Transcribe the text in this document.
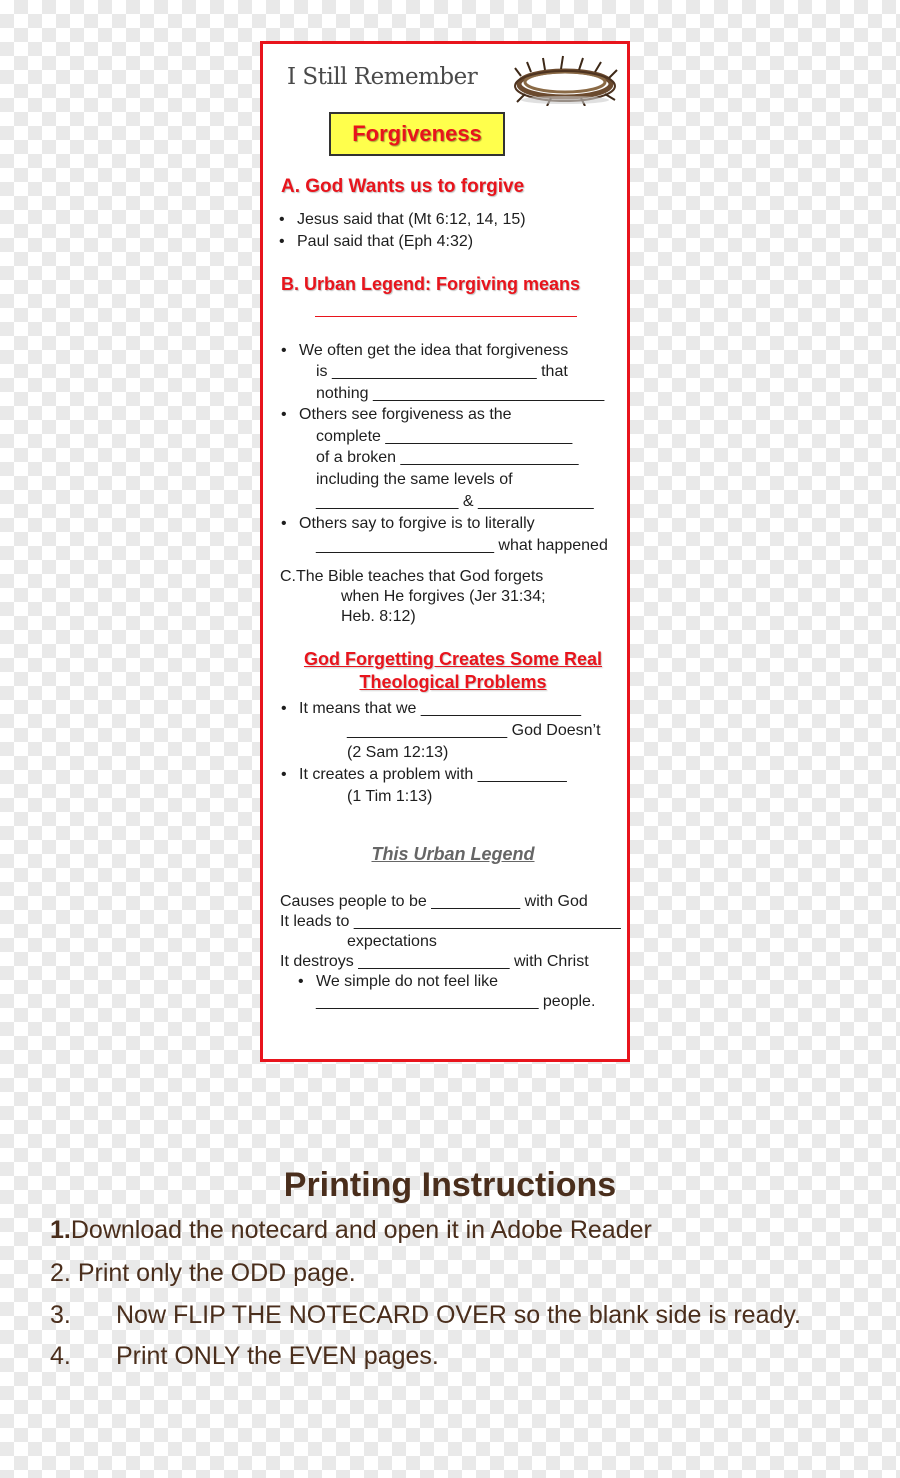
I Still Remember
Forgiveness
A. God Wants us to forgive
• Jesus said that (Mt 6:12, 14, 15)
• Paul said that (Eph 4:32)
B. Urban Legend: Forgiving means
• We often get the idea that forgiveness
is _______________________ that
nothing __________________________
• Others see forgiveness as the
complete _____________________
of a broken ____________________
including the same levels of
________________ & _____________
• Others say to forgive is to literally
____________________ what happened
C.The Bible teaches that God forgets
when He forgives (Jer 31:34;
Heb. 8:12)
God Forgetting Creates Some Real
Theological Problems
• It means that we __________________
__________________ God Doesn’t
(2 Sam 12:13)
• It creates a problem with __________
(1 Tim 1:13)
This Urban Legend
Causes people to be __________ with God
It leads to ______________________________
expectations
It destroys _________________ with Christ
• We simple do not feel like
_________________________ people.
Printing Instructions
1.Download the notecard and open it in Adobe Reader
2. Print only the ODD page.
3. Now FLIP THE NOTECARD OVER so the blank side is ready.
4. Print ONLY the EVEN pages.
